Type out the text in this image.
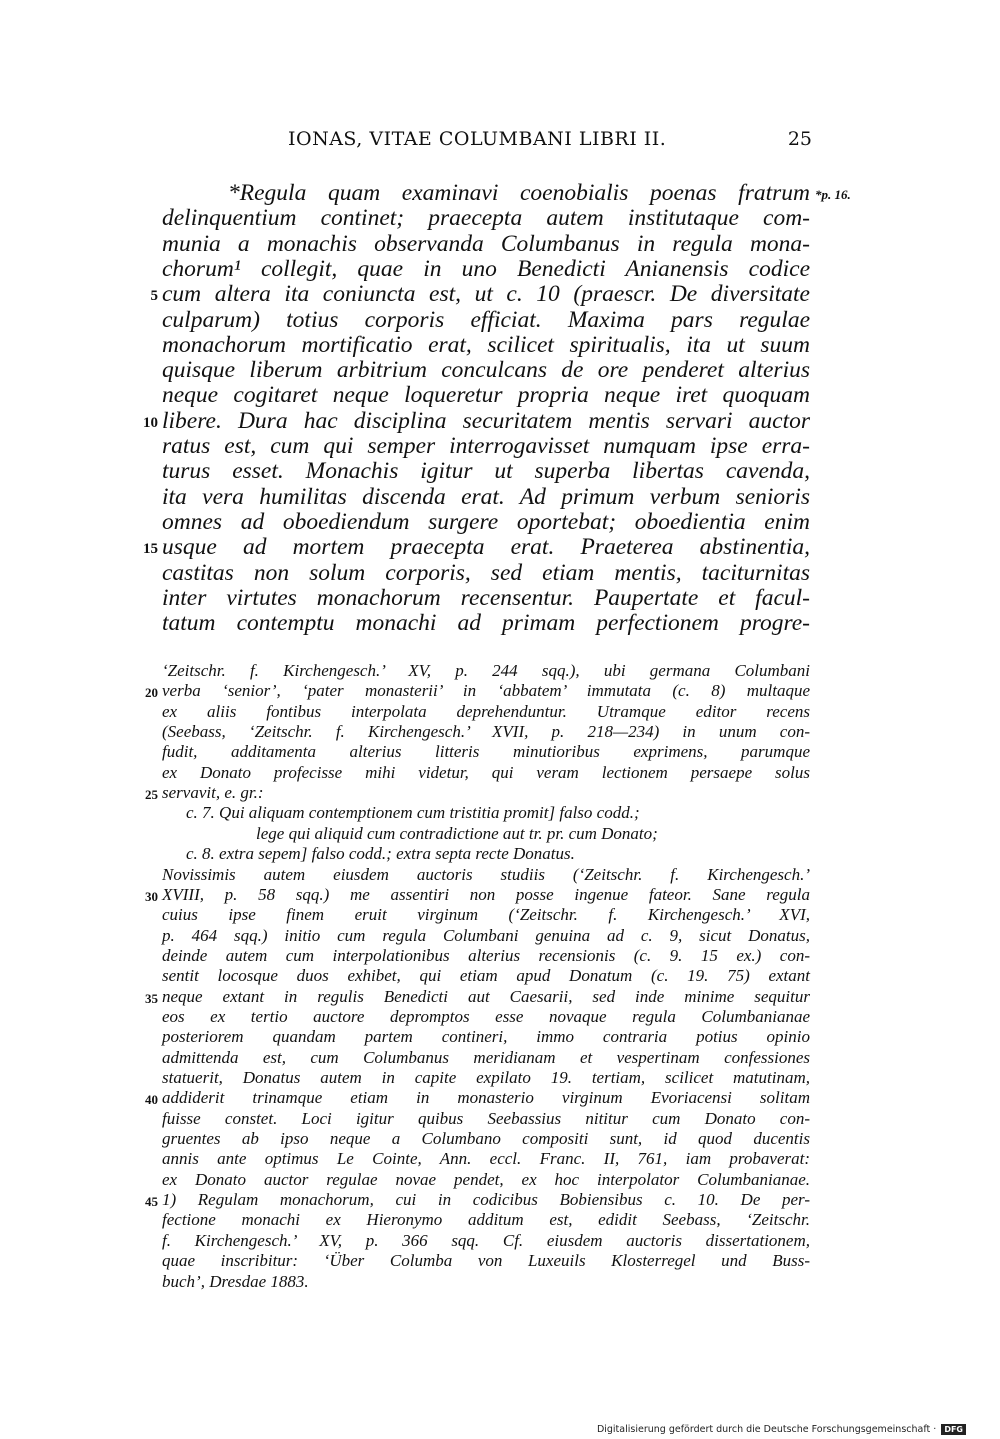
IONAS, VITAE COLUMBANI LIBRI II.	25
*p. 16.
*Regula quam examinavi coenobialis poenas fratrum
delinquentium continet; praecepta autem institutaque com-
munia a monachis observanda Columbanus in regula mona-
chorum¹ collegit, quae in uno Benedicti Anianensis codice
cum altera ita coniuncta est, ut c. 10 (praescr. De diversitate
5
culparum) totius corporis efficiat. Maxima pars regulae
monachorum mortificatio erat, scilicet spiritualis, ita ut suum
quisque liberum arbitrium conculcans de ore penderet alterius
neque cogitaret neque loqueretur propria neque iret quoquam
libere. Dura hac disciplina securitatem mentis servari auctor
10
ratus est, cum qui semper interrogavisset numquam ipse erra-
turus esset. Monachis igitur ut superba libertas cavenda,
ita vera humilitas discenda erat. Ad primum verbum senioris
omnes ad oboediendum surgere oportebat; oboedientia enim
usque ad mortem praecepta erat. Praeterea abstinentia,
15
castitas non solum corporis, sed etiam mentis, taciturnitas
inter virtutes monachorum recensentur. Paupertate et facul-
tatum contemptu monachi ad primam perfectionem progre-
‘Zeitschr. f. Kirchengesch.’ XV, p. 244 sqq.), ubi germana Columbani
verba ‘senior’, ‘pater monasterii’ in ‘abbatem’ immutata (c. 8) multaque
20
ex aliis fontibus interpolata deprehenduntur. Utramque editor recens
(Seebass, ‘Zeitschr. f. Kirchengesch.’ XVII, p. 218—234) in unum con-
fudit, additamenta alterius litteris minutioribus exprimens, parumque
ex Donato profecisse mihi videtur, qui veram lectionem persaepe solus
servavit, e. gr.:
25
c. 7. Qui aliquam contemptionem cum tristitia promit] falso codd.;
lege qui aliquid cum contradictione aut tr. pr. cum Donato;
c. 8. extra sepem] falso codd.; extra septa recte Donatus.
Novissimis autem eiusdem auctoris studiis (‘Zeitschr. f. Kirchengesch.’
XVIII, p. 58 sqq.) me assentiri non posse ingenue fateor. Sane regula
30
cuius ipse finem eruit virginum (‘Zeitschr. f. Kirchengesch.’ XVI,
p. 464 sqq.) initio cum regula Columbani genuina ad c. 9, sicut Donatus,
deinde autem cum interpolationibus alterius recensionis (c. 9. 15 ex.) con-
sentit locosque duos exhibet, qui etiam apud Donatum (c. 19. 75) extant
neque extant in regulis Benedicti aut Caesarii, sed inde minime sequitur
35
eos ex tertio auctore depromptos esse novaque regula Columbanianae
posteriorem quandam partem contineri, immo contraria potius opinio
admittenda est, cum Columbanus meridianam et vespertinam confessiones
statuerit, Donatus autem in capite expilato 19. tertiam, scilicet matutinam,
addiderit trinamque etiam in monasterio virginum Evoriacensi solitam
40
fuisse constet. Loci igitur quibus Seebassius nititur cum Donato con-
gruentes ab ipso neque a Columbano compositi sunt, id quod ducentis
annis ante optimus Le Cointe, Ann. eccl. Franc. II, 761, iam probaverat:
ex Donato auctor regulae novae pendet, ex hoc interpolator Columbanianae.
1) Regulam monachorum, cui in codicibus Bobiensibus c. 10. De per-
45
fectione monachi ex Hieronymo additum est, edidit Seebass, ‘Zeitschr.
f. Kirchengesch.’ XV, p. 366 sqq. Cf. eiusdem auctoris dissertationem,
quae inscribitur: ‘Über Columba von Luxeuils Klosterregel und Buss-
buch’, Dresdae 1883.
Digitalisierung gefördert durch die Deutsche Forschungsgemeinschaft · DFG
